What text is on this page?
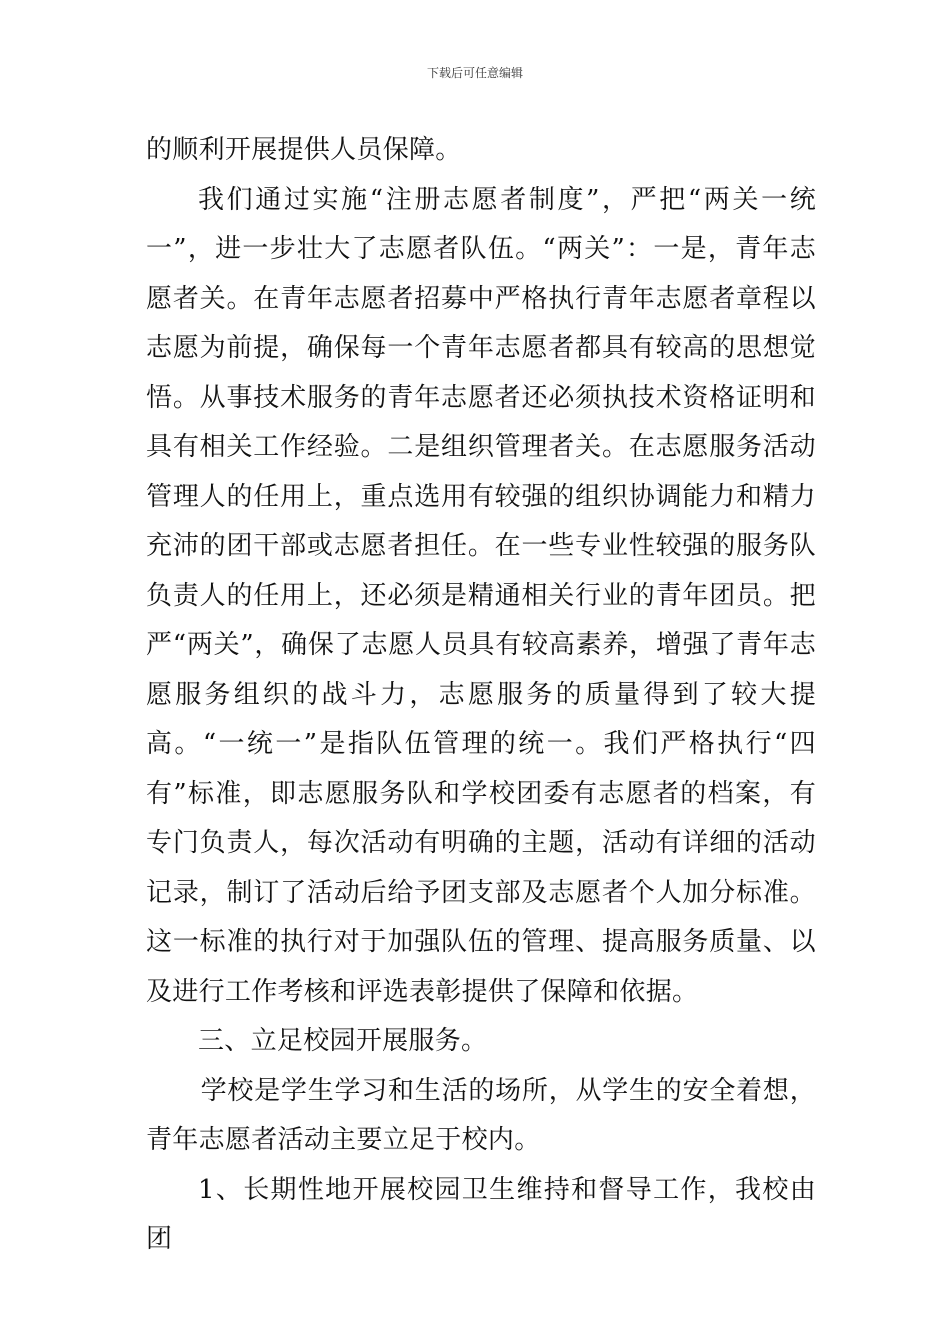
下载后可任意编辑

的顺利开展提供人员保障。

我们通过实施“注册志愿者制度”，严把“两关一统一”，进一步壮大了志愿者队伍。“两关”：一是，青年志愿者关。在青年志愿者招募中严格执行青年志愿者章程以志愿为前提，确保每一个青年志愿者都具有较高的思想觉悟。从事技术服务的青年志愿者还必须执技术资格证明和具有相关工作经验。二是组织管理者关。在志愿服务活动管理人的任用上，重点选用有较强的组织协调能力和精力充沛的团干部或志愿者担任。在一些专业性较强的服务队负责人的任用上，还必须是精通相关行业的青年团员。把严“两关”，确保了志愿人员具有较高素养，增强了青年志愿服务组织的战斗力，志愿服务的质量得到了较大提高。“一统一”是指队伍管理的统一。我们严格执行“四有”标准，即志愿服务队和学校团委有志愿者的档案，有专门负责人，每次活动有明确的主题，活动有详细的活动记录，制订了活动后给予团支部及志愿者个人加分标准。这一标准的执行对于加强队伍的管理、提高服务质量、以及进行工作考核和评选表彰提供了保障和依据。

三、立足校园开展服务。

学校是学生学习和生活的场所，从学生的安全着想，青年志愿者活动主要立足于校内。

1、长期性地开展校园卫生维持和督导工作，我校由团
